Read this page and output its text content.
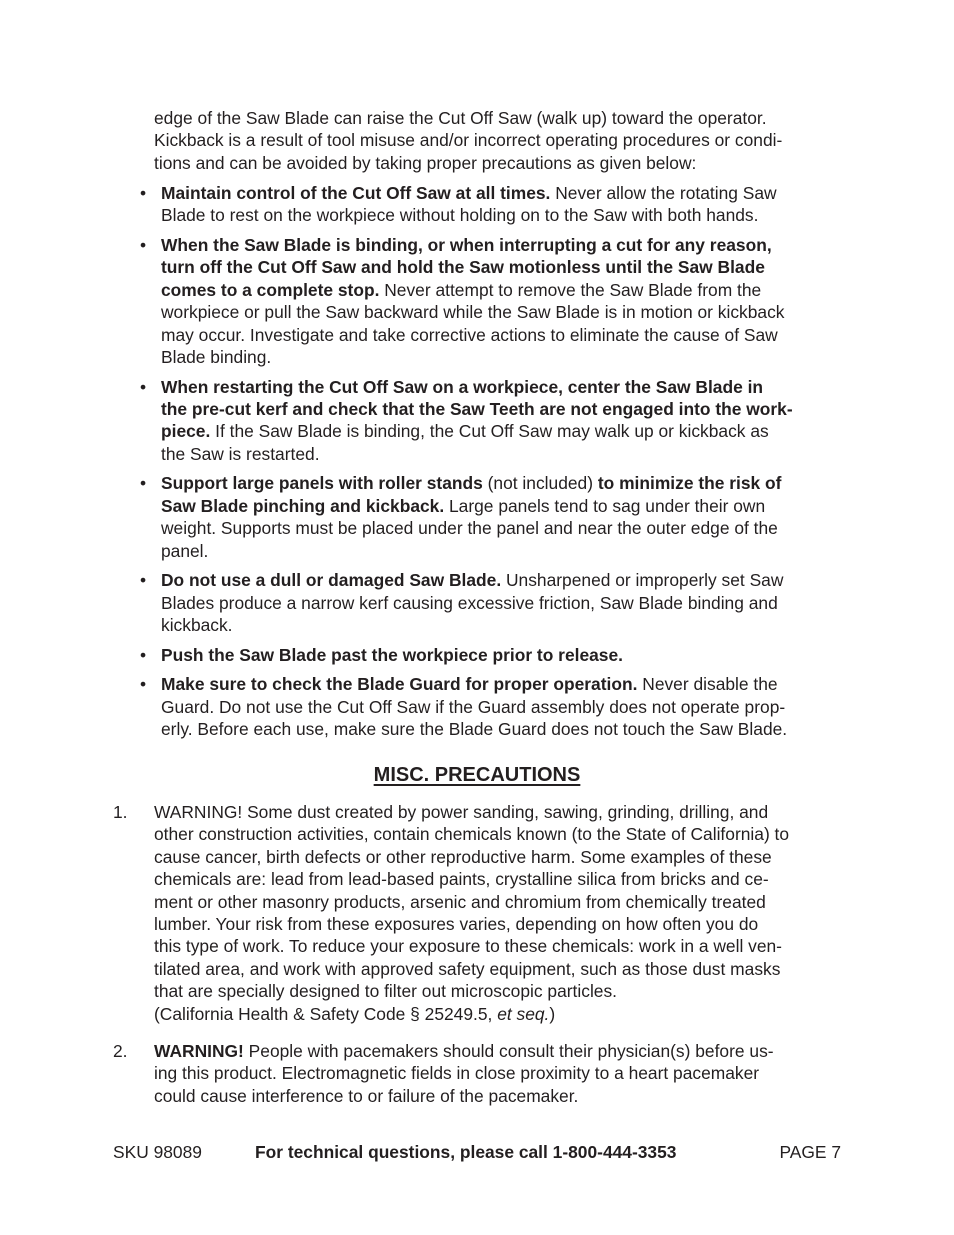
edge of the Saw Blade can raise the Cut Off Saw (walk up) toward the operator.
Kickback is a result of tool misuse and/or incorrect operating procedures or condi-
tions and can be avoided by taking proper precautions as given below:
• Maintain control of the Cut Off Saw at all times. Never allow the rotating Saw
Blade to rest on the workpiece without holding on to the Saw with both hands.
• When the Saw Blade is binding, or when interrupting a cut for any reason,
turn off the Cut Off Saw and hold the Saw motionless until the Saw Blade
comes to a complete stop. Never attempt to remove the Saw Blade from the
workpiece or pull the Saw backward while the Saw Blade is in motion or kickback
may occur. Investigate and take corrective actions to eliminate the cause of Saw
Blade binding.
• When restarting the Cut Off Saw on a workpiece, center the Saw Blade in
the pre-cut kerf and check that the Saw Teeth are not engaged into the work-
piece. If the Saw Blade is binding, the Cut Off Saw may walk up or kickback as
the Saw is restarted.
• Support large panels with roller stands (not included) to minimize the risk of
Saw Blade pinching and kickback. Large panels tend to sag under their own
weight. Supports must be placed under the panel and near the outer edge of the
panel.
• Do not use a dull or damaged Saw Blade. Unsharpened or improperly set Saw
Blades produce a narrow kerf causing excessive friction, Saw Blade binding and
kickback.
• Push the Saw Blade past the workpiece prior to release.
• Make sure to check the Blade Guard for proper operation. Never disable the
Guard. Do not use the Cut Off Saw if the Guard assembly does not operate prop-
erly. Before each use, make sure the Blade Guard does not touch the Saw Blade.
MISC. PRECAUTIONS
1. WARNING! Some dust created by power sanding, sawing, grinding, drilling, and
other construction activities, contain chemicals known (to the State of California) to
cause cancer, birth defects or other reproductive harm. Some examples of these
chemicals are: lead from lead-based paints, crystalline silica from bricks and ce-
ment or other masonry products, arsenic and chromium from chemically treated
lumber. Your risk from these exposures varies, depending on how often you do
this type of work. To reduce your exposure to these chemicals: work in a well ven-
tilated area, and work with approved safety equipment, such as those dust masks
that are specially designed to filter out microscopic particles.
(California Health & Safety Code § 25249.5, et seq.)
2. WARNING! People with pacemakers should consult their physician(s) before us-
ing this product. Electromagnetic fields in close proximity to a heart pacemaker
could cause interference to or failure of the pacemaker.
SKU 98089	For technical questions, please call 1-800-444-3353	PAGE 7
